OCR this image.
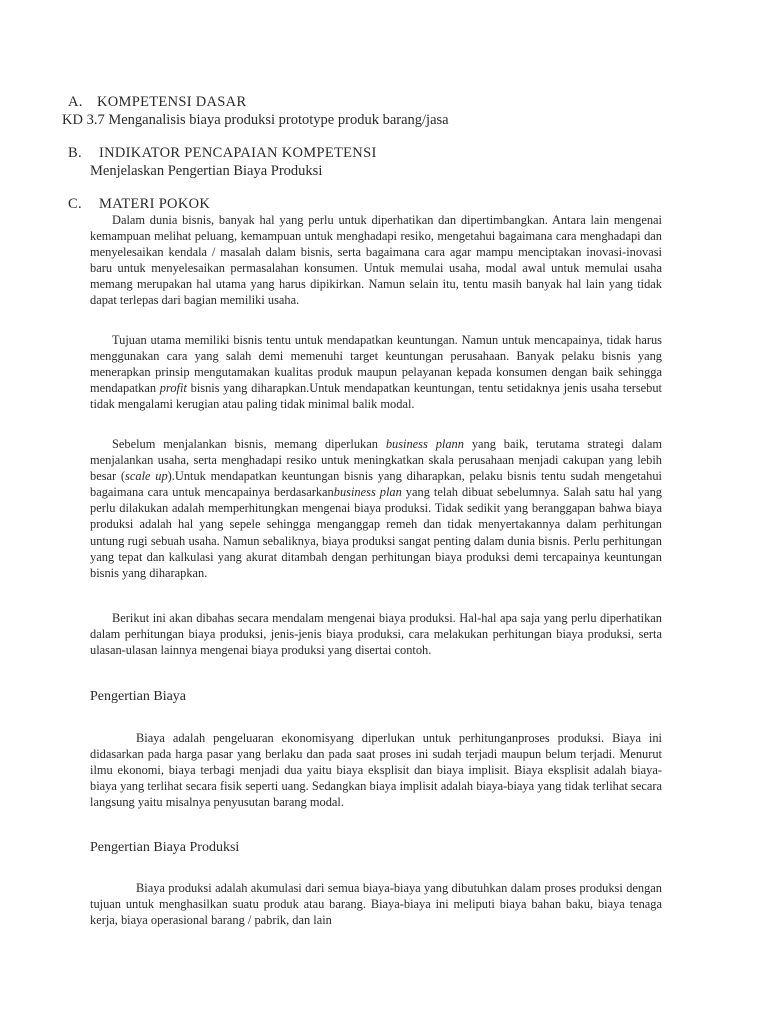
A. KOMPETENSI DASAR
KD 3.7 Menganalisis biaya produksi prototype produk barang/jasa
B. INDIKATOR PENCAPAIAN KOMPETENSI
Menjelaskan Pengertian Biaya Produksi
C. MATERI POKOK

Dalam dunia bisnis, banyak hal yang perlu untuk diperhatikan dan dipertimbangkan. Antara lain mengenai kemampuan melihat peluang, kemampuan untuk menghadapi resiko, mengetahui bagaimana cara menghadapi dan menyelesaikan kendala / masalah dalam bisnis, serta bagaimana cara agar mampu menciptakan inovasi-inovasi baru untuk menyelesaikan permasalahan konsumen. Untuk memulai usaha, modal awal untuk memulai usaha memang merupakan hal utama yang harus dipikirkan. Namun selain itu, tentu masih banyak hal lain yang tidak dapat terlepas dari bagian memiliki usaha.

Tujuan utama memiliki bisnis tentu untuk mendapatkan keuntungan. Namun untuk mencapainya, tidak harus menggunakan cara yang salah demi memenuhi target keuntungan perusahaan. Banyak pelaku bisnis yang menerapkan prinsip mengutamakan kualitas produk maupun pelayanan kepada konsumen dengan baik sehingga mendapatkan profit bisnis yang diharapkan.Untuk mendapatkan keuntungan, tentu setidaknya jenis usaha tersebut tidak mengalami kerugian atau paling tidak minimal balik modal.

Sebelum menjalankan bisnis, memang diperlukan business plann yang baik, terutama strategi dalam menjalankan usaha, serta menghadapi resiko untuk meningkatkan skala perusahaan menjadi cakupan yang lebih besar (scale up).Untuk mendapatkan keuntungan bisnis yang diharapkan, pelaku bisnis tentu sudah mengetahui bagaimana cara untuk mencapainya berdasarkanbusiness plan yang telah dibuat sebelumnya. Salah satu hal yang perlu dilakukan adalah memperhitungkan mengenai biaya produksi. Tidak sedikit yang beranggapan bahwa biaya produksi adalah hal yang sepele sehingga menganggap remeh dan tidak menyertakannya dalam perhitungan untung rugi sebuah usaha. Namun sebaliknya, biaya produksi sangat penting dalam dunia bisnis. Perlu perhitungan yang tepat dan kalkulasi yang akurat ditambah dengan perhitungan biaya produksi demi tercapainya keuntungan bisnis yang diharapkan.

Berikut ini akan dibahas secara mendalam mengenai biaya produksi. Hal-hal apa saja yang perlu diperhatikan dalam perhitungan biaya produksi, jenis-jenis biaya produksi, cara melakukan perhitungan biaya produksi, serta ulasan-ulasan lainnya mengenai biaya produksi yang disertai contoh.

Pengertian Biaya

Biaya adalah pengeluaran ekonomisyang diperlukan untuk perhitunganproses produksi. Biaya ini didasarkan pada harga pasar yang berlaku dan pada saat proses ini sudah terjadi maupun belum terjadi. Menurut ilmu ekonomi, biaya terbagi menjadi dua yaitu biaya eksplisit dan biaya implisit. Biaya eksplisit adalah biaya-biaya yang terlihat secara fisik seperti uang. Sedangkan biaya implisit adalah biaya-biaya yang tidak terlihat secara langsung yaitu misalnya penyusutan barang modal.

Pengertian Biaya Produksi

Biaya produksi adalah akumulasi dari semua biaya-biaya yang dibutuhkan dalam proses produksi dengan tujuan untuk menghasilkan suatu produk atau barang. Biaya-biaya ini meliputi biaya bahan baku, biaya tenaga kerja, biaya operasional barang / pabrik, dan lain
